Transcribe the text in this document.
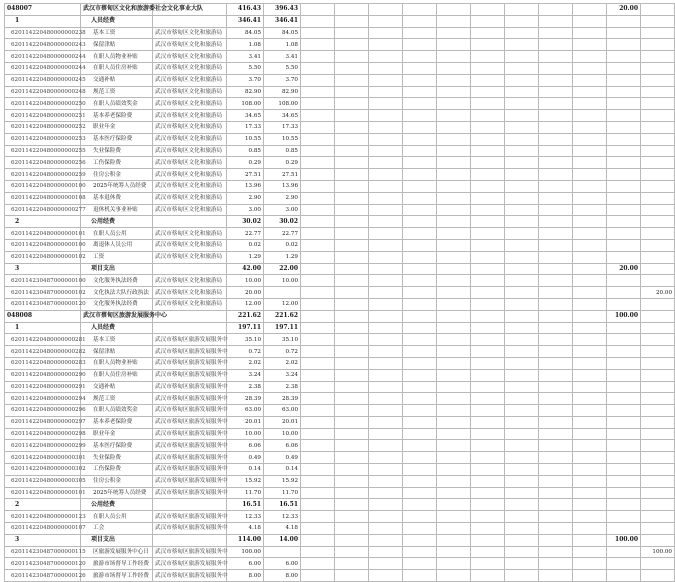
048007	武汉市蔡甸区文化和旅游委社会文化事业大队		416.43	396.43										20.00	
1	人员经费		346.41	346.41											
620114220480000000238	基本工资	武汉市蔡甸区文化和旅游局	84.05	84.05											
620114220480000000243	保留津贴	武汉市蔡甸区文化和旅游局	1.08	1.08											
620114220480000000244	在职人员物业补贴	武汉市蔡甸区文化和旅游局	3.41	3.41											
620114220480000000244	在职人员住房补贴	武汉市蔡甸区文化和旅游局	5.50	5.50											
620114220480000000245	交通补贴	武汉市蔡甸区文化和旅游局	3.70	3.70											
620114220480000000248	规范工资	武汉市蔡甸区文化和旅游局	82.90	82.90											
620114220480000000250	在职人员绩效奖金	武汉市蔡甸区文化和旅游局	108.00	108.00											
620114220480000000251	基本养老保险费	武汉市蔡甸区文化和旅游局	34.65	34.65											
620114220480000000252	职业年金	武汉市蔡甸区文化和旅游局	17.33	17.33											
620114220480000000253	基本医疗保险费	武汉市蔡甸区文化和旅游局	10.55	10.55											
620114220480000000255	失业保险费	武汉市蔡甸区文化和旅游局	0.85	0.85											
620114220480000000256	工伤保险费	武汉市蔡甸区文化和旅游局	0.29	0.29											
620114220480000000259	住房公积金	武汉市蔡甸区文化和旅游局	27.51	27.51											
620114220480000000100	2025年统筹人员经费	武汉市蔡甸区文化和旅游局	13.96	13.96											
620114220480000000108	基本退休费	武汉市蔡甸区文化和旅游局	2.90	2.90											
620114220480000000277	退休机关事业补贴	武汉市蔡甸区文化和旅游局	3.00	3.00											
2	公用经费		30.02	30.02											
620114220480000000101	在职人员公用	武汉市蔡甸区文化和旅游局	22.77	22.77											
620114220480000000100	离退休人员公用	武汉市蔡甸区文化和旅游局	0.02	0.02											
620114220480000000102	工资	武汉市蔡甸区文化和旅游局	1.29	1.29											
3	项目支出		42.00	22.00										20.00	
620114230487000000100	文化服务执法经费	武汉市蔡甸区文化和旅游局	10.00	10.00											
620114230487000000102	文化执法大队行政执法	武汉市蔡甸区文化和旅游局	20.00												20.00
620114230487000000120	文化服务执法经费	武汉市蔡甸区文化和旅游局	12.00	12.00											
048008	武汉市蔡甸区旅游发展服务中心		221.62	221.62										100.00	
1	人员经费		197.11	197.11											
620114220480000000281	基本工资	武汉市蔡甸区旅游发展服务中	35.10	35.10											
620114220480000000282	保留津贴	武汉市蔡甸区旅游发展服务中	0.72	0.72											
620114220480000000283	在职人员物业补贴	武汉市蔡甸区旅游发展服务中	2.02	2.02											
620114220480000000290	在职人员住房补贴	武汉市蔡甸区旅游发展服务中	3.24	3.24											
620114220480000000291	交通补贴	武汉市蔡甸区旅游发展服务中	2.38	2.38											
620114220480000000294	规范工资	武汉市蔡甸区旅游发展服务中	28.39	28.39											
620114220480000000296	在职人员绩效奖金	武汉市蔡甸区旅游发展服务中	63.00	63.00											
620114220480000000297	基本养老保险费	武汉市蔡甸区旅游发展服务中	20.01	20.01											
620114220480000000298	职业年金	武汉市蔡甸区旅游发展服务中	10.00	10.00											
620114220480000000299	基本医疗保险费	武汉市蔡甸区旅游发展服务中	6.06	6.06											
620114220480000000301	失业保险费	武汉市蔡甸区旅游发展服务中	0.49	0.49											
620114220480000000302	工伤保险费	武汉市蔡甸区旅游发展服务中	0.14	0.14											
620114220480000000305	住房公积金	武汉市蔡甸区旅游发展服务中	15.92	15.92											
620114220480000000101	2025年统筹人员经费	武汉市蔡甸区旅游发展服务中	11.70	11.70											
2	公用经费		16.51	16.51											
620114220480000000123	在职人员公用	武汉市蔡甸区旅游发展服务中	12.33	12.33											
620114220480000000107	工会	武汉市蔡甸区旅游发展服务中	4.18	4.18											
3	项目支出		114.00	14.00										100.00	
620114230487000000115	区旅游发展服务中心日	武汉市蔡甸区旅游发展服务中	100.00												100.00
620114230487000000120	旅游市场督导工作经费	武汉市蔡甸区旅游发展服务中	6.00	6.00											
620114230487000000126	旅游市场督导工作经费	武汉市蔡甸区旅游发展服务中	8.00	8.00											
